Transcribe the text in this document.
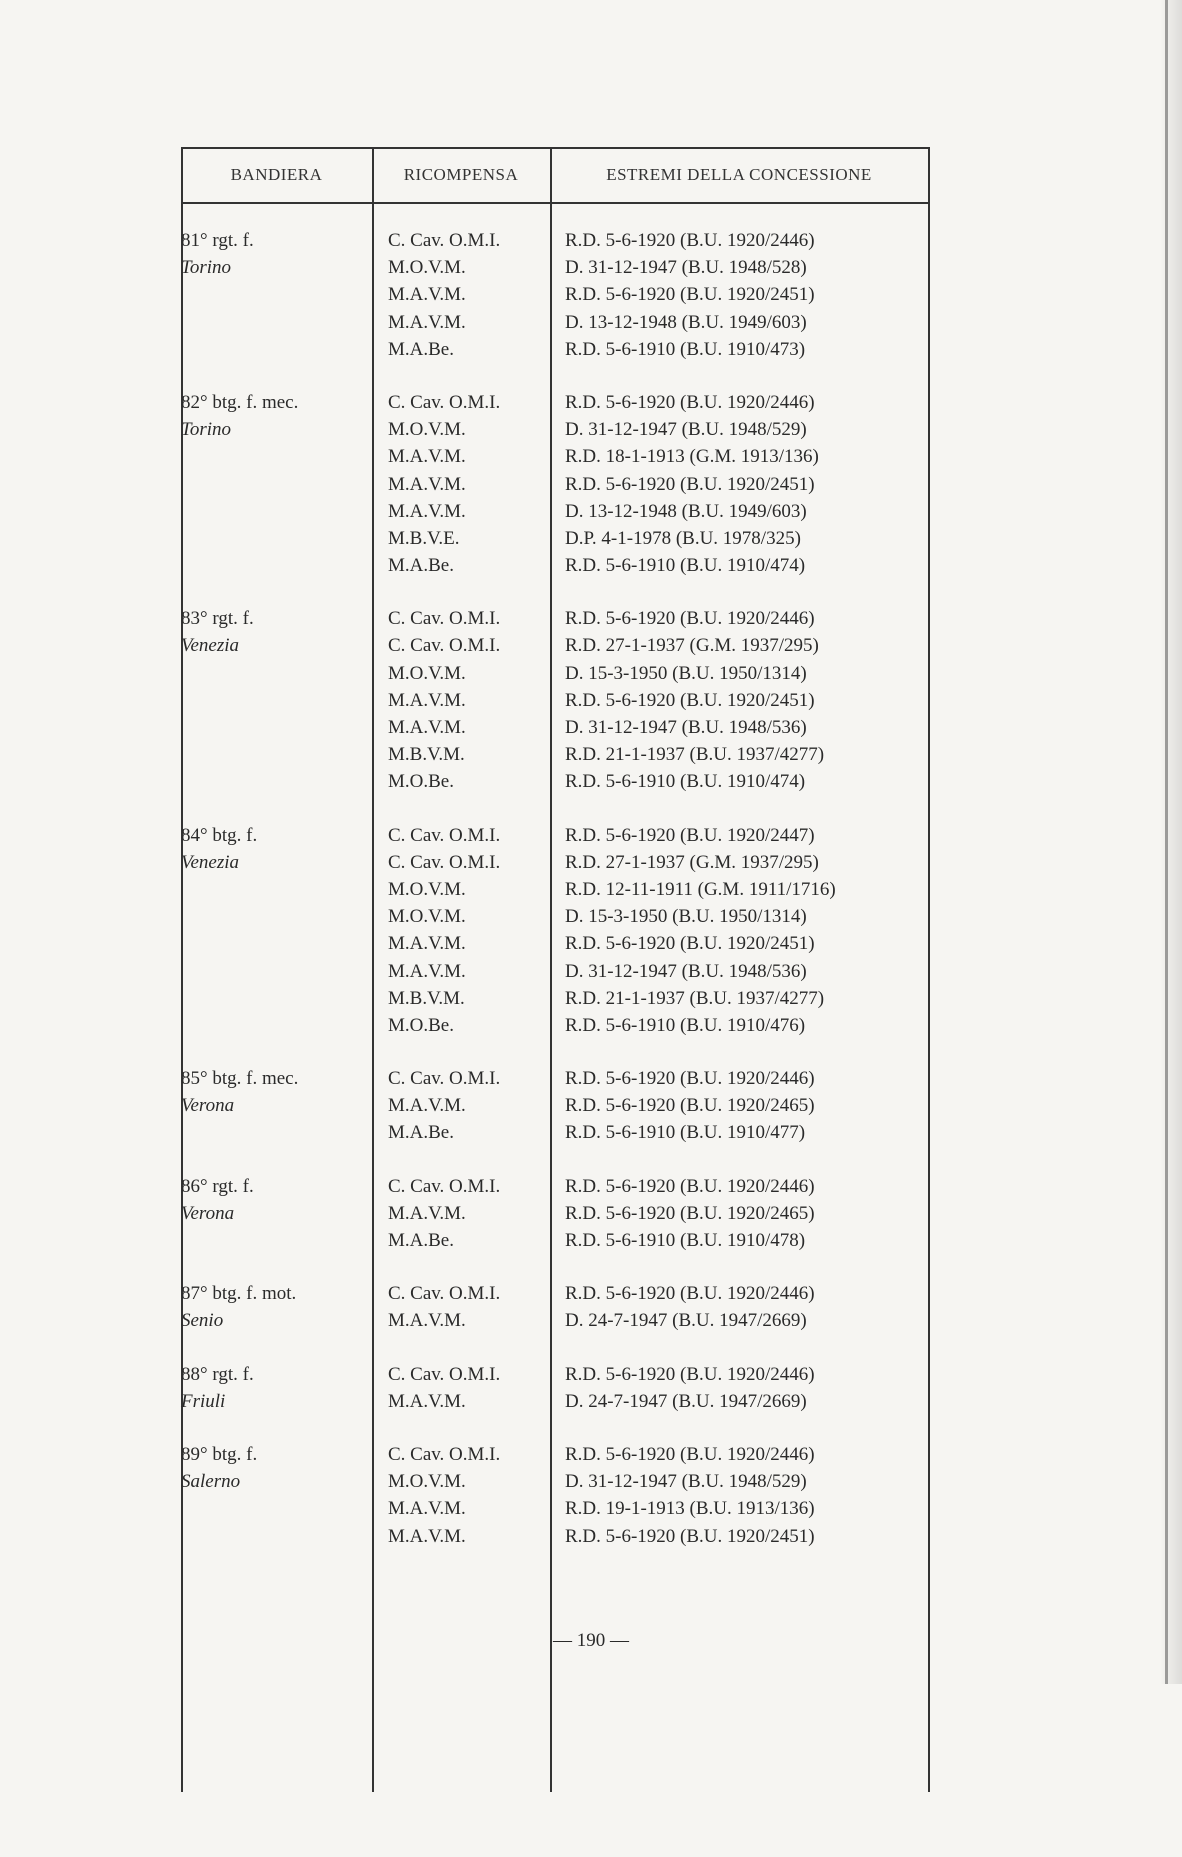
BANDIERA	RICOMPENSA	ESTREMI DELLA CONCESSIONE
81° rgt. f.
Torino
C. Cav. O.M.I.
M.O.V.M.
M.A.V.M.
M.A.V.M.
M.A.Be.
R.D. 5-6-1920 (B.U. 1920/2446)
D. 31-12-1947 (B.U. 1948/528)
R.D. 5-6-1920 (B.U. 1920/2451)
D. 13-12-1948 (B.U. 1949/603)
R.D. 5-6-1910 (B.U. 1910/473)
82° btg. f. mec.
Torino
C. Cav. O.M.I.
M.O.V.M.
M.A.V.M.
M.A.V.M.
M.A.V.M.
M.B.V.E.
M.A.Be.
R.D. 5-6-1920 (B.U. 1920/2446)
D. 31-12-1947 (B.U. 1948/529)
R.D. 18-1-1913 (G.M. 1913/136)
R.D. 5-6-1920 (B.U. 1920/2451)
D. 13-12-1948 (B.U. 1949/603)
D.P. 4-1-1978 (B.U. 1978/325)
R.D. 5-6-1910 (B.U. 1910/474)
83° rgt. f.
Venezia
C. Cav. O.M.I.
C. Cav. O.M.I.
M.O.V.M.
M.A.V.M.
M.A.V.M.
M.B.V.M.
M.O.Be.
R.D. 5-6-1920 (B.U. 1920/2446)
R.D. 27-1-1937 (G.M. 1937/295)
D. 15-3-1950 (B.U. 1950/1314)
R.D. 5-6-1920 (B.U. 1920/2451)
D. 31-12-1947 (B.U. 1948/536)
R.D. 21-1-1937 (B.U. 1937/4277)
R.D. 5-6-1910 (B.U. 1910/474)
84° btg. f.
Venezia
C. Cav. O.M.I.
C. Cav. O.M.I.
M.O.V.M.
M.O.V.M.
M.A.V.M.
M.A.V.M.
M.B.V.M.
M.O.Be.
R.D. 5-6-1920 (B.U. 1920/2447)
R.D. 27-1-1937 (G.M. 1937/295)
R.D. 12-11-1911 (G.M. 1911/1716)
D. 15-3-1950 (B.U. 1950/1314)
R.D. 5-6-1920 (B.U. 1920/2451)
D. 31-12-1947 (B.U. 1948/536)
R.D. 21-1-1937 (B.U. 1937/4277)
R.D. 5-6-1910 (B.U. 1910/476)
85° btg. f. mec.
Verona
C. Cav. O.M.I.
M.A.V.M.
M.A.Be.
R.D. 5-6-1920 (B.U. 1920/2446)
R.D. 5-6-1920 (B.U. 1920/2465)
R.D. 5-6-1910 (B.U. 1910/477)
86° rgt. f.
Verona
C. Cav. O.M.I.
M.A.V.M.
M.A.Be.
R.D. 5-6-1920 (B.U. 1920/2446)
R.D. 5-6-1920 (B.U. 1920/2465)
R.D. 5-6-1910 (B.U. 1910/478)
87° btg. f. mot.
Senio
C. Cav. O.M.I.
M.A.V.M.
R.D. 5-6-1920 (B.U. 1920/2446)
D. 24-7-1947 (B.U. 1947/2669)
88° rgt. f.
Friuli
C. Cav. O.M.I.
M.A.V.M.
R.D. 5-6-1920 (B.U. 1920/2446)
D. 24-7-1947 (B.U. 1947/2669)
89° btg. f.
Salerno
C. Cav. O.M.I.
M.O.V.M.
M.A.V.M.
M.A.V.M.
R.D. 5-6-1920 (B.U. 1920/2446)
D. 31-12-1947 (B.U. 1948/529)
R.D. 19-1-1913 (B.U. 1913/136)
R.D. 5-6-1920 (B.U. 1920/2451)
— 190 —
